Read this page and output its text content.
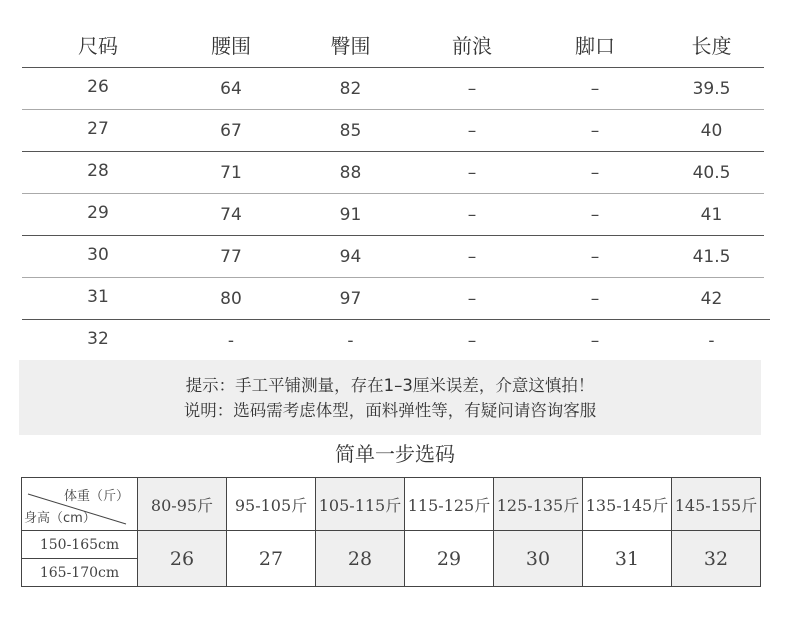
尺码	腰围	臀围	前浪	脚口	长度
26	64	82	–	–	39.5
27	67	85	–	–	40
28	71	88	–	–	40.5
29	74	91	–	–	41
30	77	94	–	–	41.5
31	80	97	–	–	42
32	-	-	–	–	-
提示：手工平铺测量，存在1–3厘米误差，介意这慎拍！
说明：选码需考虑体型，面料弹性等，有疑问请咨询客服
简单一步选码
体重（斤）
身高（cm）	80-95斤	95-105斤	105-115斤	115-125斤	125-135斤	135-145斤	145-155斤
150-165cm	26	27	28	29	30	31	32
165-170cm							
